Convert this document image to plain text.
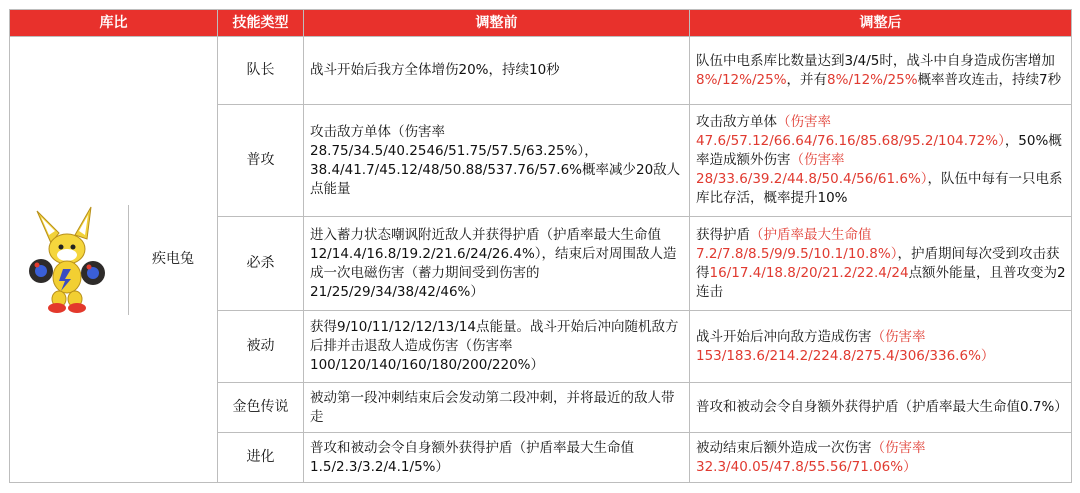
库比	技能类型	调整前	调整后

疾电兔	队长	战斗开始后我方全体增伤20%，持续10秒	队伍中电系库比数量达到3/4/5时，战斗中自身造成伤害增加8%/12%/25%，并有8%/12%/25%概率普攻连击，持续7秒
	普攻	攻击敌方单体（伤害率28.75/34.5/40.2546/51.75/57.5/63.25%），38.4/41.7/45.12/48/50.88/537.76/57.6%概率减少20敌人点能量	攻击敌方单体（伤害率47.6/57.12/66.64/76.16/85.68/95.2/104.72%），50%概率造成额外伤害（伤害率28/33.6/39.2/44.8/50.4/56/61.6%），队伍中每有一只电系库比存活，概率提升10%
	必杀	进入蓄力状态嘲讽附近敌人并获得护盾（护盾率最大生命值12/14.4/16.8/19.2/21.6/24/26.4%），结束后对周围敌人造成一次电磁伤害（蓄力期间受到伤害的21/25/29/34/38/42/46%）	获得护盾（护盾率最大生命值7.2/7.8/8.5/9/9.5/10.1/10.8%），护盾期间每次受到攻击获得16/17.4/18.8/20/21.2/22.4/24点额外能量，且普攻变为2连击
	被动	获得9/10/11/12/12/13/14点能量。战斗开始后冲向随机敌方后排并击退敌人造成伤害（伤害率100/120/140/160/180/200/220%）	战斗开始后冲向敌方造成伤害（伤害率153/183.6/214.2/224.8/275.4/306/336.6%）
	金色传说	被动第一段冲刺结束后会发动第二段冲刺，并将最近的敌人带走	普攻和被动会令自身额外获得护盾（护盾率最大生命值0.7%）
	进化	普攻和被动会令自身额外获得护盾（护盾率最大生命值1.5/2.3/3.2/4.1/5%）	被动结束后额外造成一次伤害（伤害率32.3/40.05/47.8/55.56/71.06%）
